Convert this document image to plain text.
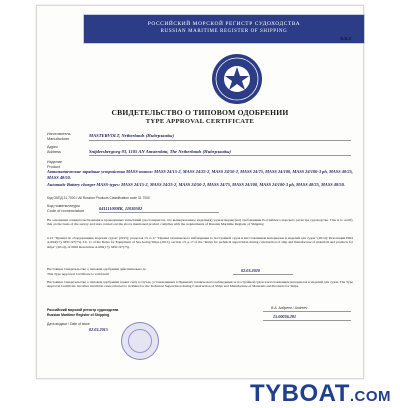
РОССИЙСКИЙ МОРСКОЙ РЕГИСТР СУДОХОДСТВА
RUSSIAN MARITIME REGISTER OF SHIPPING
6.8.3
СВИДЕТЕЛЬСТВО О ТИПОВОМ ОДОБРЕНИИ
TYPE APPROVAL CERTIFICATE
Изготовитель
Manufacturer
MASTERVOLT, Netherlands (Нидерланды)
Адрес
Address	Snijdersbergweg 93, 1105 AN Amsterdam, The Netherlands (Нидерланды)
Изделие
Product
Автоматические зарядные устройства MASS-типов: MASS 24/15-2, MASS 24/25-2, MASS 24/50-2, MASS 24/75, MASS 24/100, MASS 24/100-3 ph, MASS 48/25, MASS 48/50.
Automatic Battery charger MASS-types: MASS 24/15-2, MASS 24/25-2, MASS 24/50-2, MASS 24/75, MASS 24/100, MASS 24/100-3 ph, MASS 48/25, MASS 48/50.
Код ОКПД 31.7000 / All Russian Products Classification code 31 7000
Код номенклатуры
Code of nomenclature	04111100MK, 11030502
На основании освидетельствования и проведенных испытаний удостоверяется, что вышеуказанное изделие(я) удовлетворяет(ют) требованиям Российского морского регистра судоходства. This is to certify that on the basis of the survey and tests carried out the above mentioned product complies with the requirements of Russian Maritime Register of Shipping
п.12 "Правил по оборудованию морских судов" (2015); разделов 13, п.17 "Правил технического наблюдения за постройкой судов и изготовлением материалов и изделий для судов" (2014); Резолюции IMO А.694(17), MSC.97(73). Ch. 11 of the Rules for Equipment of Sea-Going Ships (2015), section 13, p.17 of the "Rules for technical supervision during construction of ship and manufacture of materials and products for ships" (2014), of IMO Resolution A.694(17), MSC.97(73).
Настоящее Свидетельство о типовом одобрении действительно до
This Type Approval Certificate is valid until
02.03.2020
Настоящее Свидетельство о типовом одобрении теряет силу в случае, установленных в Правилах технического наблюдения за постройкой судов и изготовлением материалов и изделий для судов. The Type Approval Certificate becomes invalid in cases referred to in Rules for the Technical Supervision during Construction of Ships and Manufacture of Materials and Products for Ships.
Российский морской регистр судоходства
Russian Maritime Register of Shipping
Дата выдачи / Date of issue
02.03.2015
15.00036.281
В.А. Андреев / Andreev
TYBOAT.COM
